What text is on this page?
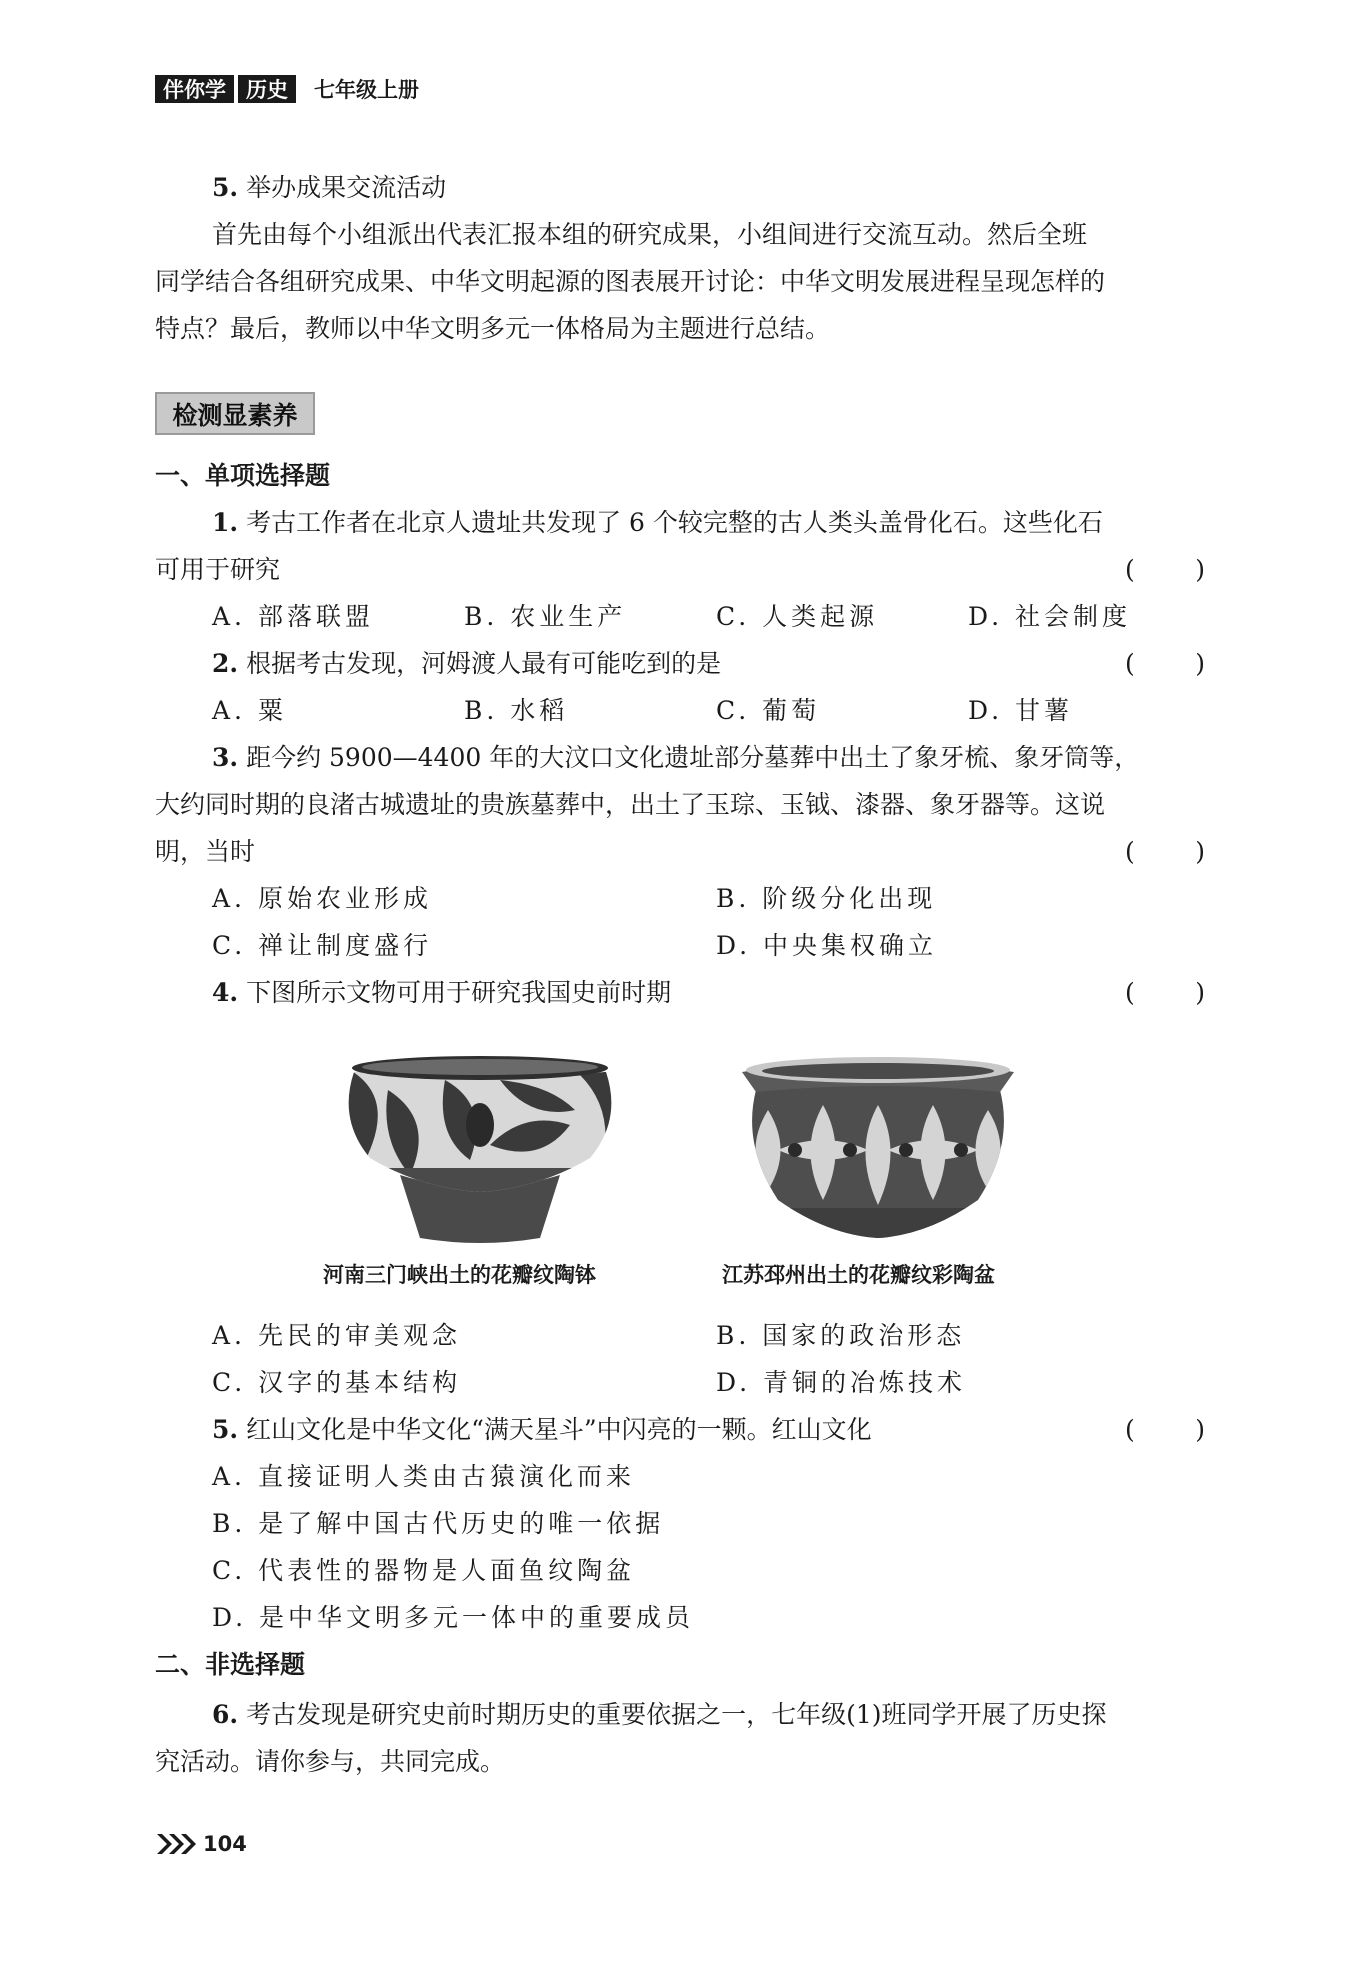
伴你学 历史	七年级上册
5. 举办成果交流活动
首先由每个小组派出代表汇报本组的研究成果，小组间进行交流互动。然后全班
同学结合各组研究成果、中华文明起源的图表展开讨论：中华文明发展进程呈现怎样的
特点？最后，教师以中华文明多元一体格局为主题进行总结。
检测显素养
一、单项选择题
1. 考古工作者在北京人遗址共发现了 6 个较完整的古人类头盖骨化石。这些化石
可用于研究	( )
A. 部落联盟	B. 农业生产	C. 人类起源	D. 社会制度
2. 根据考古发现，河姆渡人最有可能吃到的是	( )
A. 粟	B. 水稻	C. 葡萄	D. 甘薯
3. 距今约 5900—4400 年的大汶口文化遗址部分墓葬中出土了象牙梳、象牙筒等，
大约同时期的良渚古城遗址的贵族墓葬中，出土了玉琮、玉钺、漆器、象牙器等。这说
明，当时	( )
A. 原始农业形成	B. 阶级分化出现
C. 禅让制度盛行	D. 中央集权确立
4. 下图所示文物可用于研究我国史前时期	( )
河南三门峡出土的花瓣纹陶钵	江苏邳州出土的花瓣纹彩陶盆
A. 先民的审美观念	B. 国家的政治形态
C. 汉字的基本结构	D. 青铜的冶炼技术
5. 红山文化是中华文化“满天星斗”中闪亮的一颗。红山文化	( )
A. 直接证明人类由古猿演化而来
B. 是了解中国古代历史的唯一依据
C. 代表性的器物是人面鱼纹陶盆
D. 是中华文明多元一体中的重要成员
二、非选择题
6. 考古发现是研究史前时期历史的重要依据之一，七年级(1)班同学开展了历史探
究活动。请你参与，共同完成。
104
